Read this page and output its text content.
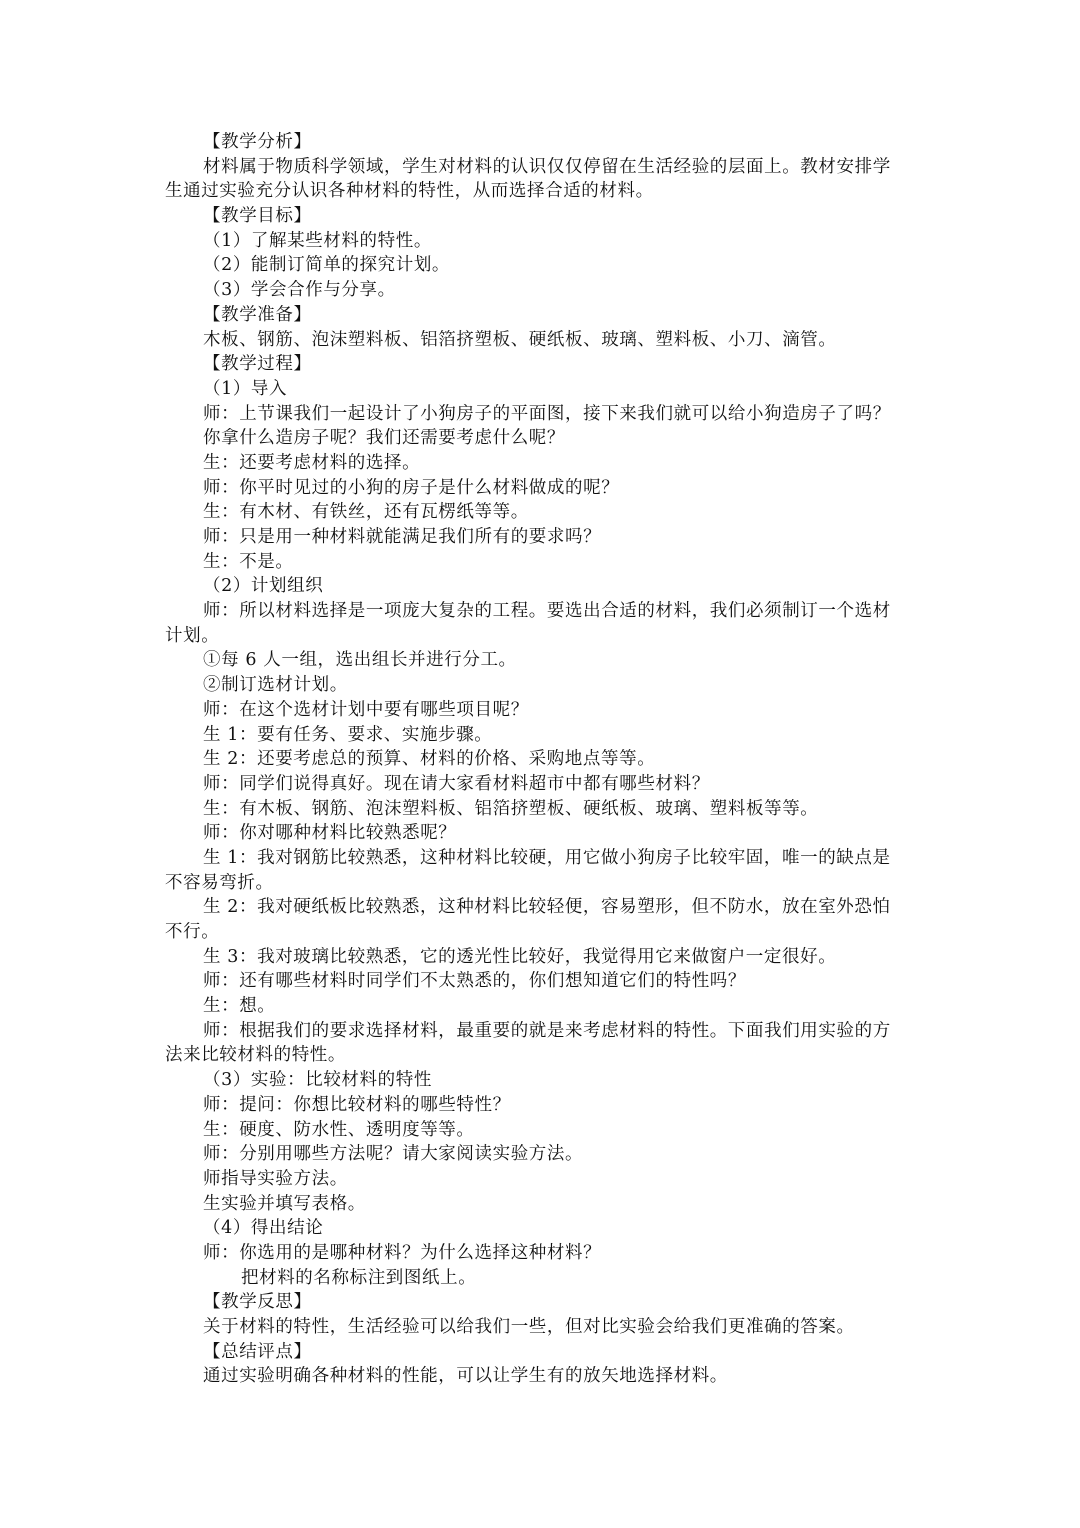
【教学分析】
材料属于物质科学领域，学生对材料的认识仅仅停留在生活经验的层面上。教材安排学
生通过实验充分认识各种材料的特性，从而选择合适的材料。
【教学目标】
（1）了解某些材料的特性。
（2）能制订简单的探究计划。
（3）学会合作与分享。
【教学准备】
木板、钢筋、泡沫塑料板、铝箔挤塑板、硬纸板、玻璃、塑料板、小刀、滴管。
【教学过程】
（1）导入
师：上节课我们一起设计了小狗房子的平面图，接下来我们就可以给小狗造房子了吗？
你拿什么造房子呢？我们还需要考虑什么呢？
生：还要考虑材料的选择。
师：你平时见过的小狗的房子是什么材料做成的呢？
生：有木材、有铁丝，还有瓦楞纸等等。
师：只是用一种材料就能满足我们所有的要求吗？
生：不是。
（2）计划组织
师：所以材料选择是一项庞大复杂的工程。要选出合适的材料，我们必须制订一个选材
计划。
①每 6 人一组，选出组长并进行分工。
②制订选材计划。
师：在这个选材计划中要有哪些项目呢？
生 1：要有任务、要求、实施步骤。
生 2：还要考虑总的预算、材料的价格、采购地点等等。
师：同学们说得真好。现在请大家看材料超市中都有哪些材料？
生：有木板、钢筋、泡沫塑料板、铝箔挤塑板、硬纸板、玻璃、塑料板等等。
师：你对哪种材料比较熟悉呢？
生 1：我对钢筋比较熟悉，这种材料比较硬，用它做小狗房子比较牢固，唯一的缺点是
不容易弯折。
生 2：我对硬纸板比较熟悉，这种材料比较轻便，容易塑形，但不防水，放在室外恐怕
不行。
生 3：我对玻璃比较熟悉，它的透光性比较好，我觉得用它来做窗户一定很好。
师：还有哪些材料时同学们不太熟悉的，你们想知道它们的特性吗？
生：想。
师：根据我们的要求选择材料，最重要的就是来考虑材料的特性。下面我们用实验的方
法来比较材料的特性。
（3）实验：比较材料的特性
师：提问：你想比较材料的哪些特性？
生：硬度、防水性、透明度等等。
师：分别用哪些方法呢？请大家阅读实验方法。
师指导实验方法。
生实验并填写表格。
（4）得出结论
师：你选用的是哪种材料？为什么选择这种材料？
把材料的名称标注到图纸上。
【教学反思】
关于材料的特性，生活经验可以给我们一些，但对比实验会给我们更准确的答案。
【总结评点】
通过实验明确各种材料的性能，可以让学生有的放矢地选择材料。
